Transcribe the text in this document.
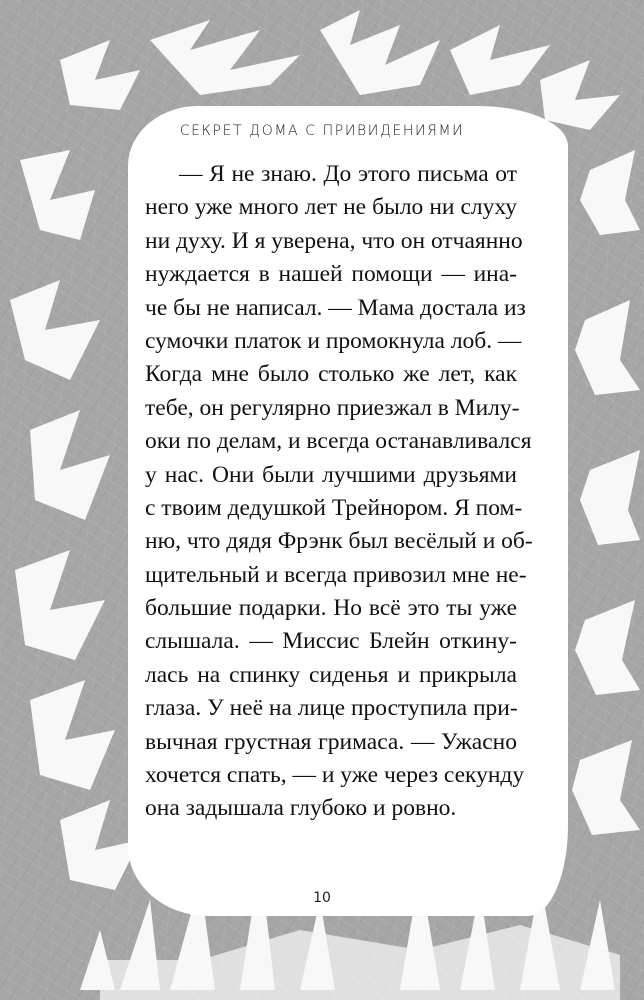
СЕКРЕТ ДОМА С ПРИВИДЕНИЯМИ
— Я не знаю. До этого письма от
него уже много лет не было ни слуху
ни духу. И я уверена, что он отчаянно
нуждается в нашей помощи — ина-
че бы не написал. — Мама достала из
сумочки платок и промокнула лоб. —
Когда мне было столько же лет, как
тебе, он регулярно приезжал в Милу-
оки по делам, и всегда останавливался
у нас. Они были лучшими друзьями
с твоим дедушкой Трейнором. Я пом-
ню, что дядя Фрэнк был весёлый и об-
щительный и всегда привозил мне не-
большие подарки. Но всё это ты уже
слышала. — Миссис Блейн откину-
лась на спинку сиденья и прикрыла
глаза. У неё на лице проступила при-
вычная грустная гримаса. — Ужасно
хочется спать, — и уже через секунду
она задышала глубоко и ровно.
10
